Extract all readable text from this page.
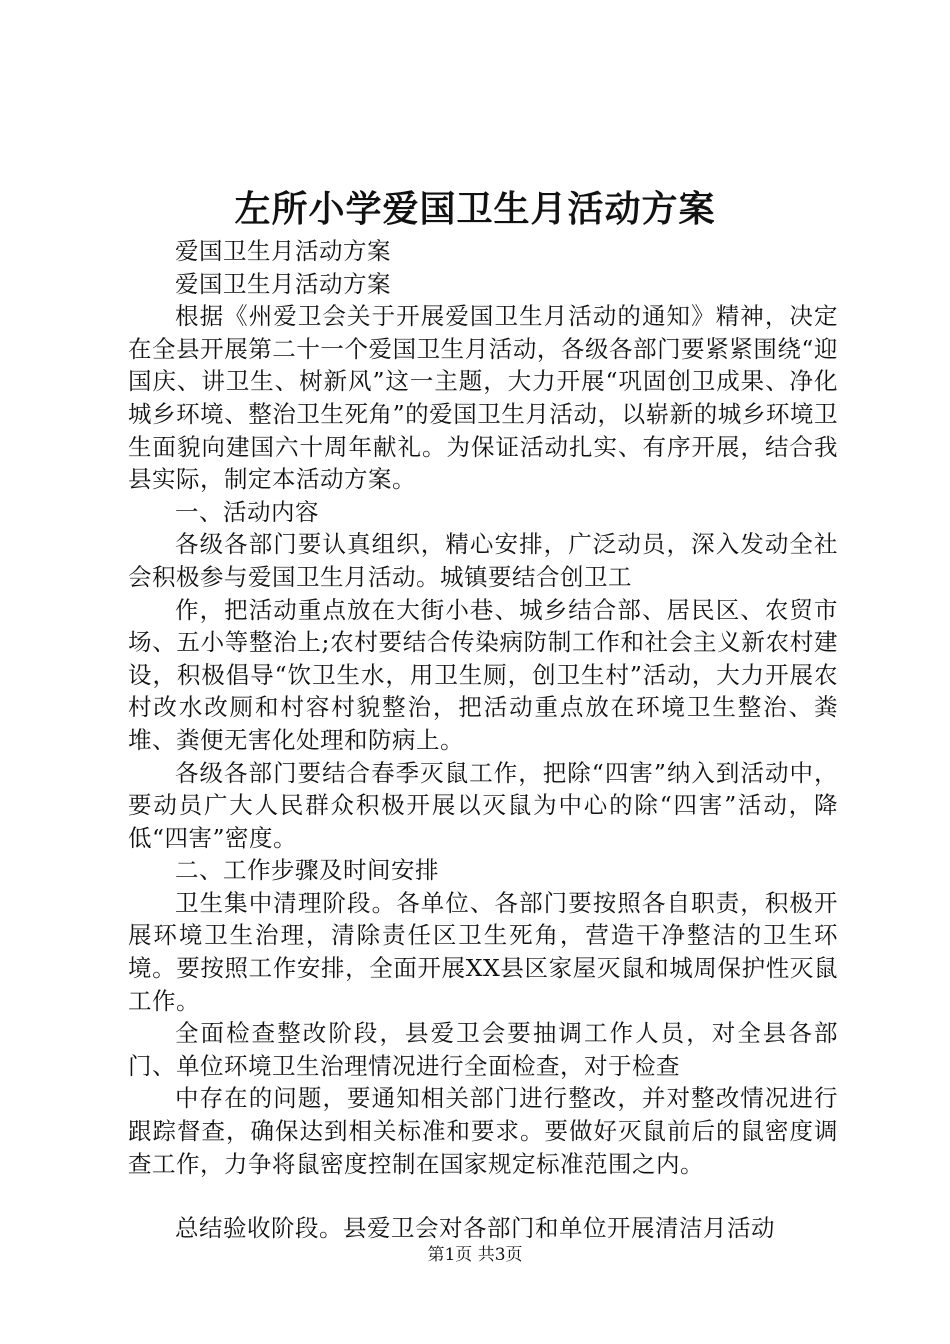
左所小学爱国卫生月活动方案

爱国卫生月活动方案

爱国卫生月活动方案

根据《州爱卫会关于开展爱国卫生月活动的通知》精神，决定在全县开展第二十一个爱国卫生月活动，各级各部门要紧紧围绕“迎国庆、讲卫生、树新风”这一主题，大力开展“巩固创卫成果、净化城乡环境、整治卫生死角”的爱国卫生月活动，以崭新的城乡环境卫生面貌向建国六十周年献礼。为保证活动扎实、有序开展，结合我县实际，制定本活动方案。

一、活动内容

各级各部门要认真组织，精心安排，广泛动员，深入发动全社会积极参与爱国卫生月活动。城镇要结合创卫工

作，把活动重点放在大街小巷、城乡结合部、居民区、农贸市场、五小等整治上;农村要结合传染病防制工作和社会主义新农村建设，积极倡导“饮卫生水，用卫生厕，创卫生村”活动，大力开展农村改水改厕和村容村貌整治，把活动重点放在环境卫生整治、粪堆、粪便无害化处理和防病上。

各级各部门要结合春季灭鼠工作，把除“四害”纳入到活动中，要动员广大人民群众积极开展以灭鼠为中心的除“四害”活动，降低“四害”密度。

二、工作步骤及时间安排

卫生集中清理阶段。各单位、各部门要按照各自职责，积极开展环境卫生治理，清除责任区卫生死角，营造干净整洁的卫生环境。要按照工作安排，全面开展XX县区家屋灭鼠和城周保护性灭鼠工作。

全面检查整改阶段，县爱卫会要抽调工作人员，对全县各部门、单位环境卫生治理情况进行全面检查，对于检查

中存在的问题，要通知相关部门进行整改，并对整改情况进行跟踪督查，确保达到相关标准和要求。要做好灭鼠前后的鼠密度调查工作，力争将鼠密度控制在国家规定标准范围之内。

总结验收阶段。县爱卫会对各部门和单位开展清洁月活动

第1页 共3页
